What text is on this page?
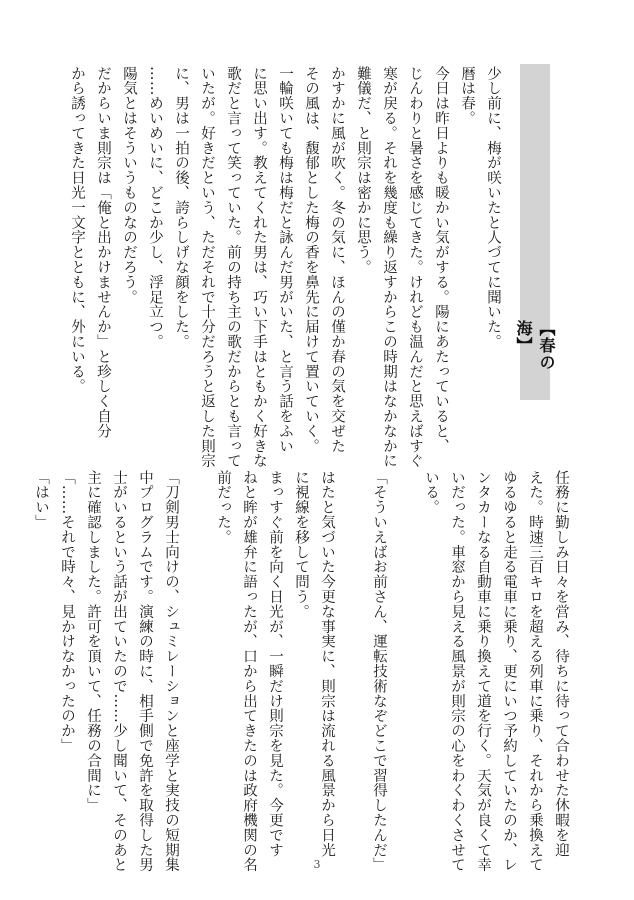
【春の海】
少し前に、梅が咲いたと人づてに聞いた。
暦は春。
今日は昨日よりも暖かい気がする。陽にあたっていると、
じんわりと暑さを感じてきた。けれども温んだと思えばすぐ
寒が戻る。それを幾度も繰り返すからこの時期はなかなかに
難儀だ、と則宗は密かに思う。
かすかに風が吹く。冬の気に、ほんの僅か春の気を交ぜた
その風は、馥郁とした梅の香を鼻先に届けて置いていく。
一輪咲いても梅は梅だと詠んだ男がいた、と言う話をふい
に思い出す。教えてくれた男は、巧い下手はともかく好きな
歌だと言って笑っていた。前の持ち主の歌だからとも言って
いたが。好きだという、ただそれで十分だろうと返した則宗
に、男は一拍の後、誇らしげな顔をした。
……めいめいに、どこか少し、浮足立つ。
陽気とはそういうものなのだろう。
だからいま則宗は「俺と出かけませんか」と珍しく自分
から誘ってきた日光一文字とともに、外にいる。
任務に勤しみ日々を営み、待ちに待って合わせた休暇を迎
えた。時速三百キロを超える列車に乗り、それから乗換えて
ゆるゆると走る電車に乗り、更にいつ予約していたのか、レ
ンタカーなる自動車に乗り換えて道を行く。天気が良くて幸
いだった。車窓から見える風景が則宗の心をわくわくさせて
いる。

「そういえばお前さん、運転技術なぞどこで習得したんだ」

はたと気づいた今更な事実に、則宗は流れる風景から日光
に視線を移して問う。
まっすぐ前を向く日光が、一瞬だけ則宗を見た。今更です
ねと眸が雄弁に語ったが、口から出てきたのは政府機関の名
前だった。

「刀剣男士向けの、シュミレーションと座学と実技の短期集
中プログラムです。演練の時に、相手側で免許を取得した男
士がいるという話が出ていたので……少し聞いて、そのあと
主に確認しました。許可を頂いて、任務の合間に」
「……それで時々、見かけなかったのか」
「はい」
3
